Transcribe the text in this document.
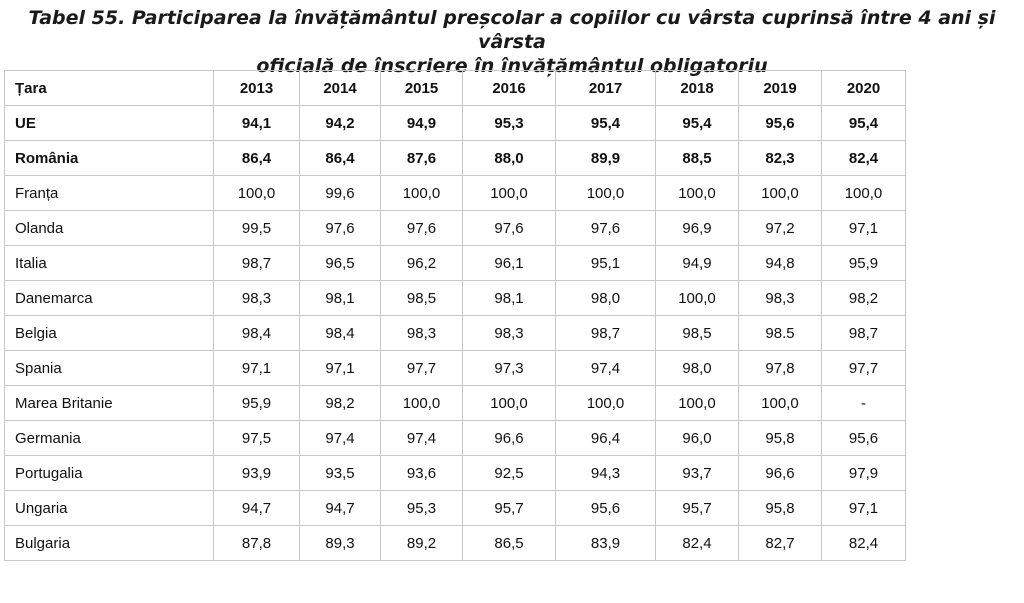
Tabel 55. Participarea la învățământul preșcolar a copiilor cu vârsta cuprinsă între 4 ani și vârsta
oficială de înscriere în învățământul obligatoriu
Țara	2013	2014	2015	2016	2017	2018	2019	2020
UE	94,1	94,2	94,9	95,3	95,4	95,4	95,6	95,4
România	86,4	86,4	87,6	88,0	89,9	88,5	82,3	82,4
Franța	100,0	99,6	100,0	100,0	100,0	100,0	100,0	100,0
Olanda	99,5	97,6	97,6	97,6	97,6	96,9	97,2	97,1
Italia	98,7	96,5	96,2	96,1	95,1	94,9	94,8	95,9
Danemarca	98,3	98,1	98,5	98,1	98,0	100,0	98,3	98,2
Belgia	98,4	98,4	98,3	98,3	98,7	98,5	98.5	98,7
Spania	97,1	97,1	97,7	97,3	97,4	98,0	97,8	97,7
Marea Britanie	95,9	98,2	100,0	100,0	100,0	100,0	100,0	-
Germania	97,5	97,4	97,4	96,6	96,4	96,0	95,8	95,6
Portugalia	93,9	93,5	93,6	92,5	94,3	93,7	96,6	97,9
Ungaria	94,7	94,7	95,3	95,7	95,6	95,7	95,8	97,1
Bulgaria	87,8	89,3	89,2	86,5	83,9	82,4	82,7	82,4
